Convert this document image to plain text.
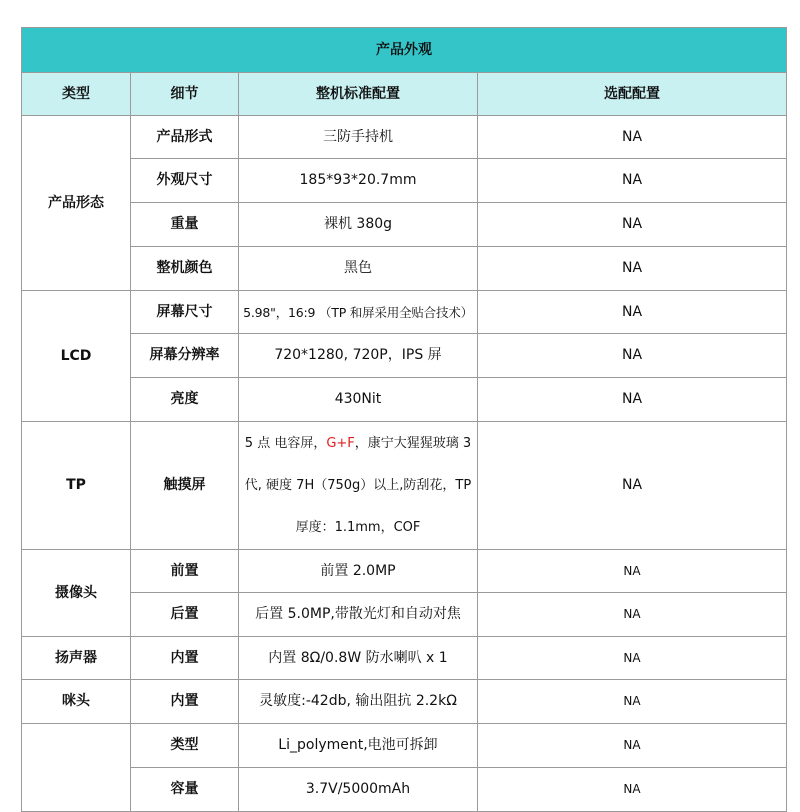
产品外观			
类型	细节	整机标准配置	选配配置
产品形态	产品形式	三防手持机	NA
	外观尺寸	185*93*20.7mm	NA
	重量	裸机 380g	NA
	整机颜色	黑色	NA
LCD	屏幕尺寸	5.98"，16:9 （TP 和屏采用全贴合技术）	NA
	屏幕分辨率	720*1280, 720P，IPS 屏	NA
	亮度	430Nit	NA
TP	触摸屏	5 点 电容屏，G+F，康宁大猩猩玻璃 3
代, 硬度 7H（750g）以上,防刮花，TP
厚度：1.1mm，COF	NA
摄像头	前置	前置 2.0MP	NA
	后置	后置 5.0MP,带散光灯和自动对焦	NA
扬声器	内置	内置 8Ω/0.8W 防水喇叭 x 1	NA
咪头	内置	灵敏度:-42db, 输出阻抗 2.2kΩ	NA
	类型	Li_polyment,电池可拆卸	NA
	容量	3.7V/5000mAh	NA
